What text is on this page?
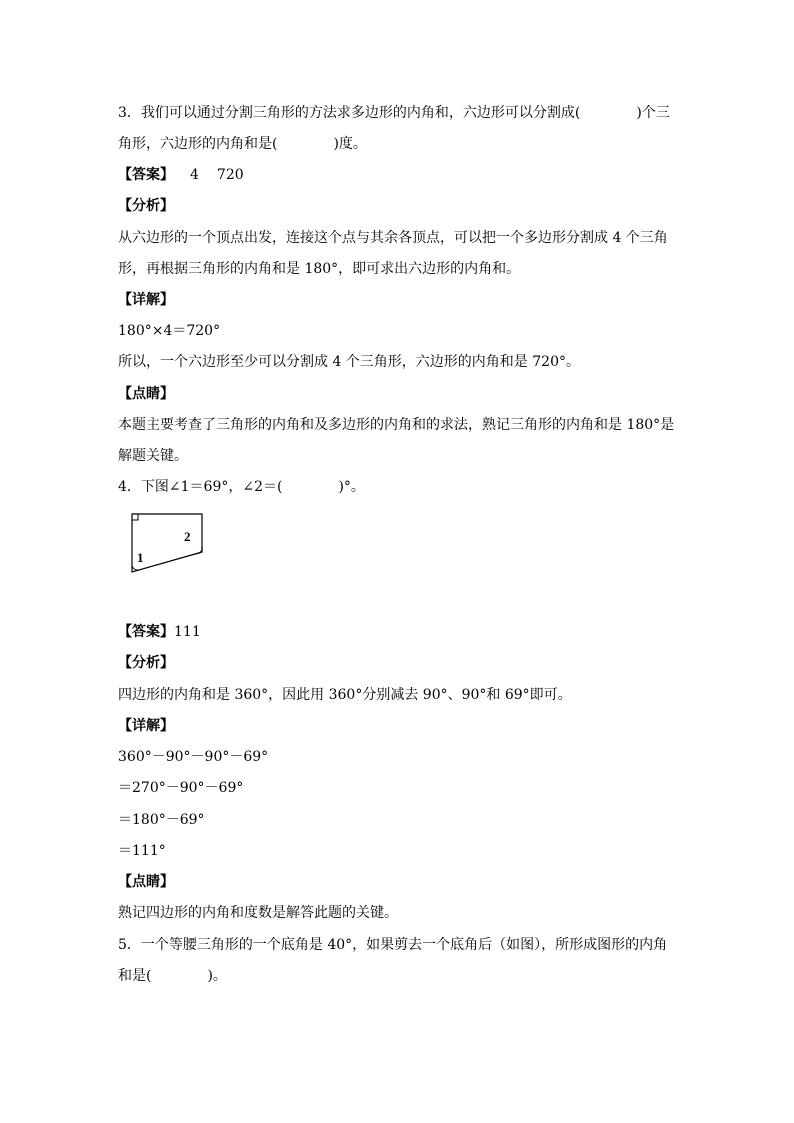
3．我们可以通过分割三角形的方法求多边形的内角和，六边形可以分割成(　　　　)个三
角形，六边形的内角和是(　　　　)度。
【答案】 4 720
【分析】
从六边形的一个顶点出发，连接这个点与其余各顶点，可以把一个多边形分割成 4 个三角
形，再根据三角形的内角和是 180°，即可求出六边形的内角和。
【详解】
180°×4＝720°
所以，一个六边形至少可以分割成 4 个三角形，六边形的内角和是 720°。
【点睛】
本题主要考查了三角形的内角和及多边形的内角和的求法，熟记三角形的内角和是 180°是
解题关键。
4．下图∠1＝69°，∠2＝(　　　　)°。
1
2
【答案】111
【分析】
四边形的内角和是 360°，因此用 360°分别减去 90°、90°和 69°即可。
【详解】
360°－90°－90°－69°
＝270°－90°－69°
＝180°－69°
＝111°
【点睛】
熟记四边形的内角和度数是解答此题的关键。
5．一个等腰三角形的一个底角是 40°，如果剪去一个底角后（如图），所形成图形的内角
和是(　　　　)。
